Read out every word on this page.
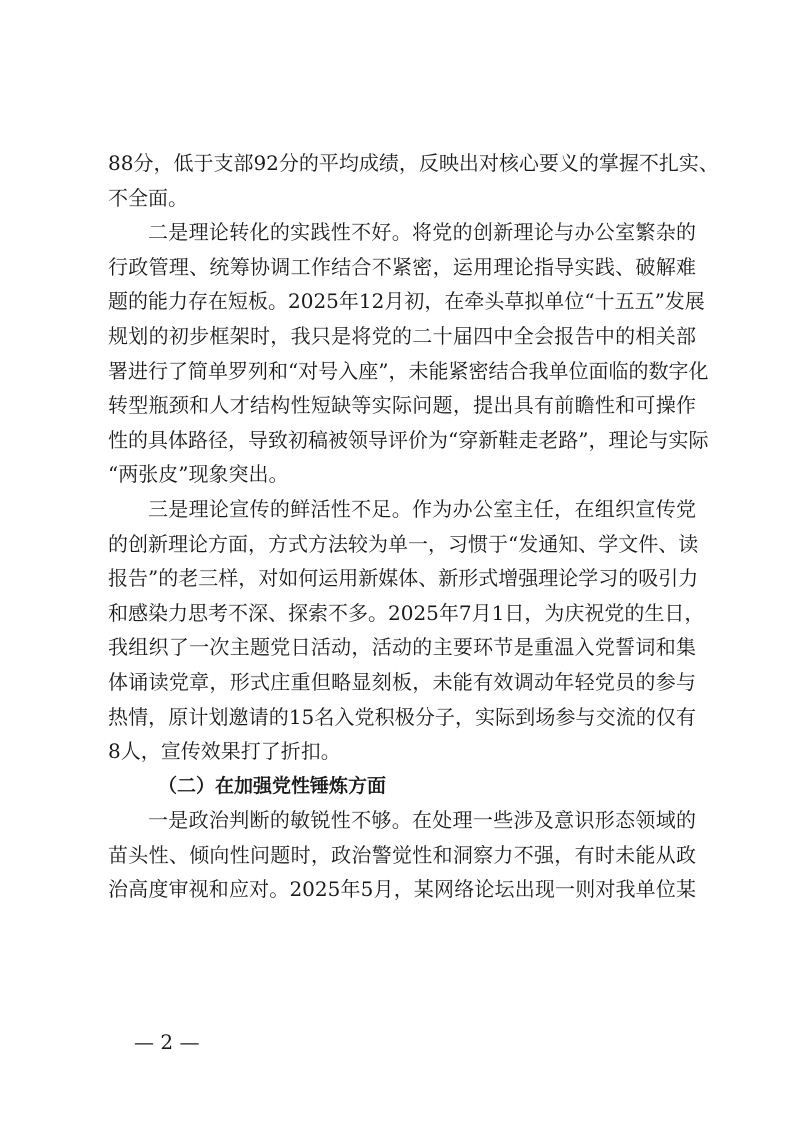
88分，低于支部92分的平均成绩，反映出对核心要义的掌握不扎实、
不全面。
二是理论转化的实践性不好。将党的创新理论与办公室繁杂的
行政管理、统筹协调工作结合不紧密，运用理论指导实践、破解难
题的能力存在短板。2025年12月初，在牵头草拟单位“十五五”发展
规划的初步框架时，我只是将党的二十届四中全会报告中的相关部
署进行了简单罗列和“对号入座”，未能紧密结合我单位面临的数字化
转型瓶颈和人才结构性短缺等实际问题，提出具有前瞻性和可操作
性的具体路径，导致初稿被领导评价为“穿新鞋走老路”，理论与实际
“两张皮”现象突出。
三是理论宣传的鲜活性不足。作为办公室主任，在组织宣传党
的创新理论方面，方式方法较为单一，习惯于“发通知、学文件、读
报告”的老三样，对如何运用新媒体、新形式增强理论学习的吸引力
和感染力思考不深、探索不多。2025年7月1日，为庆祝党的生日，
我组织了一次主题党日活动，活动的主要环节是重温入党誓词和集
体诵读党章，形式庄重但略显刻板，未能有效调动年轻党员的参与
热情，原计划邀请的15名入党积极分子，实际到场参与交流的仅有
8人，宣传效果打了折扣。
（二）在加强党性锤炼方面
一是政治判断的敏锐性不够。在处理一些涉及意识形态领域的
苗头性、倾向性问题时，政治警觉性和洞察力不强，有时未能从政
治高度审视和应对。2025年5月，某网络论坛出现一则对我单位某
— 2 —
